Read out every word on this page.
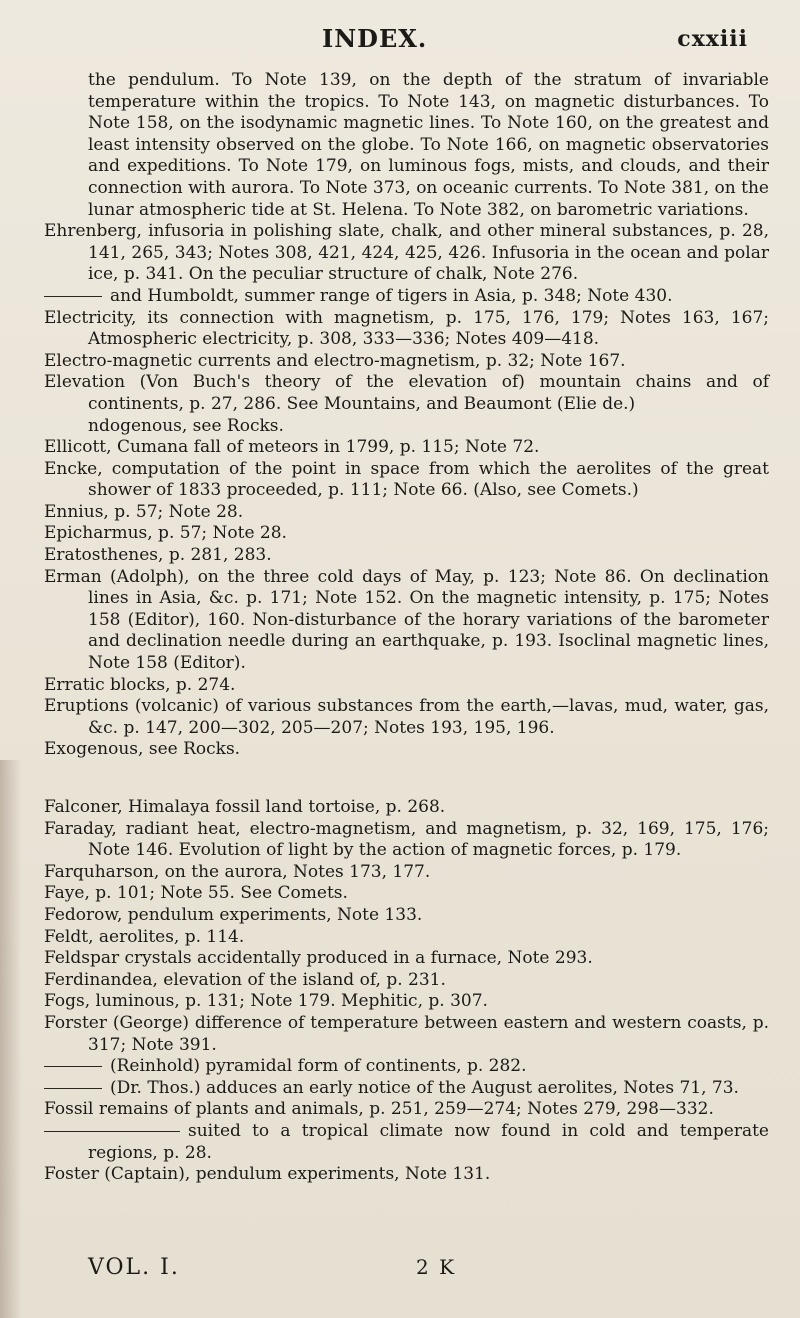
INDEX.	cxxiii
the pendulum. To Note 139, on the depth of the stratum of invariable temperature within the tropics. To Note 143, on magnetic disturbances. To Note 158, on the isodynamic magnetic lines. To Note 160, on the greatest and least intensity observed on the globe. To Note 166, on magnetic observatories and expeditions. To Note 179, on luminous fogs, mists, and clouds, and their connection with aurora. To Note 373, on oceanic currents. To Note 381, on the lunar atmospheric tide at St. Helena. To Note 382, on barometric variations.
Ehrenberg, infusoria in polishing slate, chalk, and other mineral substances, p. 28, 141, 265, 343; Notes 308, 421, 424, 425, 426. Infusoria in the ocean and polar ice, p. 341. On the peculiar structure of chalk, Note 276.
and Humboldt, summer range of tigers in Asia, p. 348; Note 430.
Electricity, its connection with magnetism, p. 175, 176, 179; Notes 163, 167; Atmospheric electricity, p. 308, 333—336; Notes 409—418.
Electro-magnetic currents and electro-magnetism, p. 32; Note 167.
Elevation (Von Buch's theory of the elevation of) mountain chains and of continents, p. 27, 286. See Mountains, and Beaumont (Elie de.)
ndogenous, see Rocks.
Ellicott, Cumana fall of meteors in 1799, p. 115; Note 72.
Encke, computation of the point in space from which the aerolites of the great shower of 1833 proceeded, p. 111; Note 66. (Also, see Comets.)
Ennius, p. 57; Note 28.
Epicharmus, p. 57; Note 28.
Eratosthenes, p. 281, 283.
Erman (Adolph), on the three cold days of May, p. 123; Note 86. On declination lines in Asia, &c. p. 171; Note 152. On the magnetic intensity, p. 175; Notes 158 (Editor), 160. Non-disturbance of the horary variations of the barometer and declination needle during an earthquake, p. 193. Isoclinal magnetic lines, Note 158 (Editor).
Erratic blocks, p. 274.
Eruptions (volcanic) of various substances from the earth,—lavas, mud, water, gas, &c. p. 147, 200—302, 205—207; Notes 193, 195, 196.
Exogenous, see Rocks.
Falconer, Himalaya fossil land tortoise, p. 268.
Faraday, radiant heat, electro-magnetism, and magnetism, p. 32, 169, 175, 176; Note 146. Evolution of light by the action of magnetic forces, p. 179.
Farquharson, on the aurora, Notes 173, 177.
Faye, p. 101; Note 55. See Comets.
Fedorow, pendulum experiments, Note 133.
Feldt, aerolites, p. 114.
Feldspar crystals accidentally produced in a furnace, Note 293.
Ferdinandea, elevation of the island of, p. 231.
Fogs, luminous, p. 131; Note 179. Mephitic, p. 307.
Forster (George) difference of temperature between eastern and western coasts, p. 317; Note 391.
(Reinhold) pyramidal form of continents, p. 282.
(Dr. Thos.) adduces an early notice of the August aerolites, Notes 71, 73.
Fossil remains of plants and animals, p. 251, 259—274; Notes 279, 298—332.
suited to a tropical climate now found in cold and temperate regions, p. 28.
Foster (Captain), pendulum experiments, Note 131.
VOL. I.	2 K
